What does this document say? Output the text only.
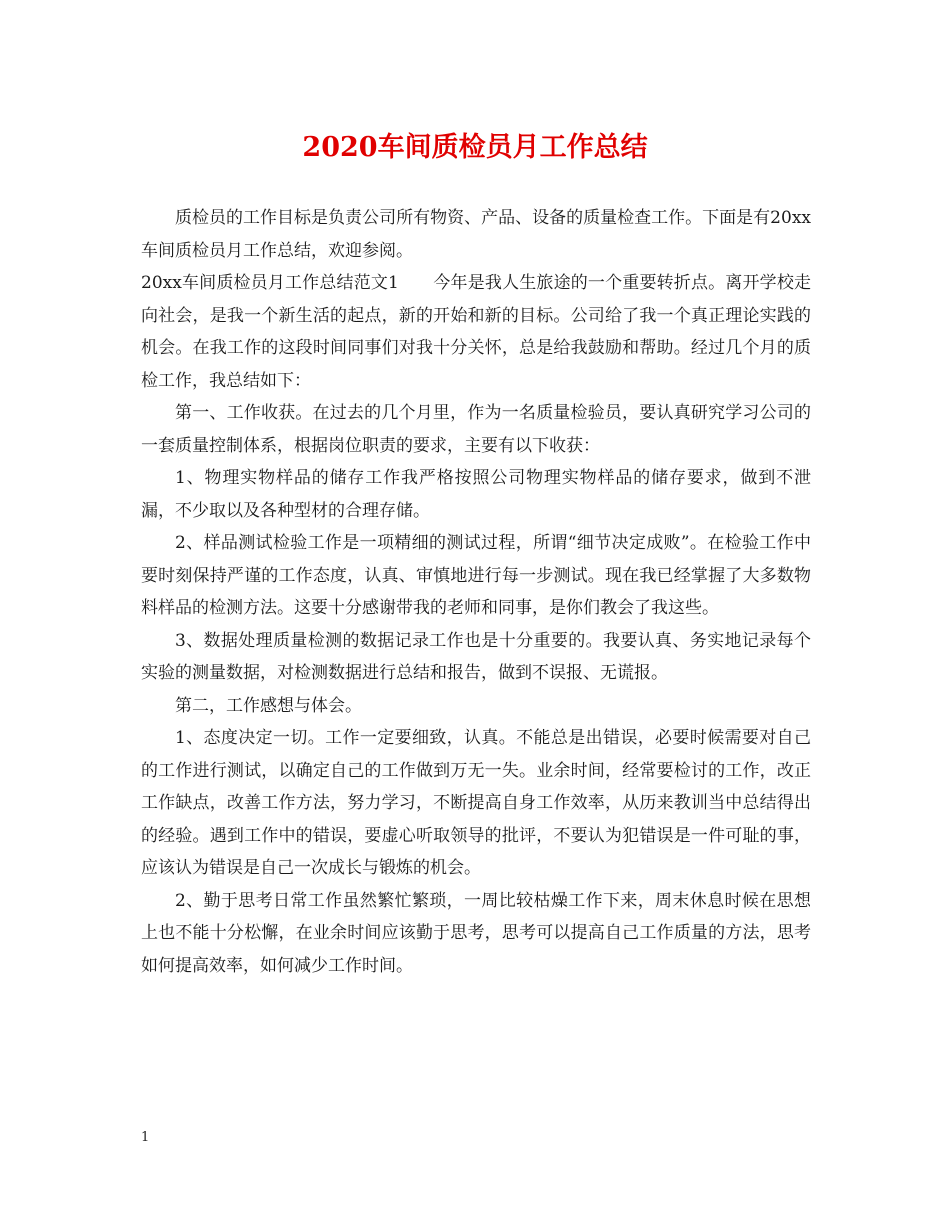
2020车间质检员月工作总结

质检员的工作目标是负责公司所有物资、产品、设备的质量检查工作。下面是有20xx车间质检员月工作总结，欢迎参阅。

20xx车间质检员月工作总结范文1　　今年是我人生旅途的一个重要转折点。离开学校走向社会，是我一个新生活的起点，新的开始和新的目标。公司给了我一个真正理论实践的机会。在我工作的这段时间同事们对我十分关怀，总是给我鼓励和帮助。经过几个月的质检工作，我总结如下：

第一、工作收获。在过去的几个月里，作为一名质量检验员，要认真研究学习公司的一套质量控制体系，根据岗位职责的要求，主要有以下收获：

1、物理实物样品的储存工作我严格按照公司物理实物样品的储存要求，做到不泄漏，不少取以及各种型材的合理存储。

2、样品测试检验工作是一项精细的测试过程，所谓“细节决定成败”。在检验工作中要时刻保持严谨的工作态度，认真、审慎地进行每一步测试。现在我已经掌握了大多数物料样品的检测方法。这要十分感谢带我的老师和同事，是你们教会了我这些。

3、数据处理质量检测的数据记录工作也是十分重要的。我要认真、务实地记录每个实验的测量数据，对检测数据进行总结和报告，做到不误报、无谎报。

第二，工作感想与体会。

1、态度决定一切。工作一定要细致，认真。不能总是出错误，必要时候需要对自己的工作进行测试，以确定自己的工作做到万无一失。业余时间，经常要检讨的工作，改正工作缺点，改善工作方法，努力学习，不断提高自身工作效率，从历来教训当中总结得出的经验。遇到工作中的错误，要虚心听取领导的批评，不要认为犯错误是一件可耻的事，应该认为错误是自己一次成长与锻炼的机会。

2、勤于思考日常工作虽然繁忙繁琐，一周比较枯燥工作下来，周末休息时候在思想上也不能十分松懈，在业余时间应该勤于思考，思考可以提高自己工作质量的方法，思考如何提高效率，如何减少工作时间。

1
